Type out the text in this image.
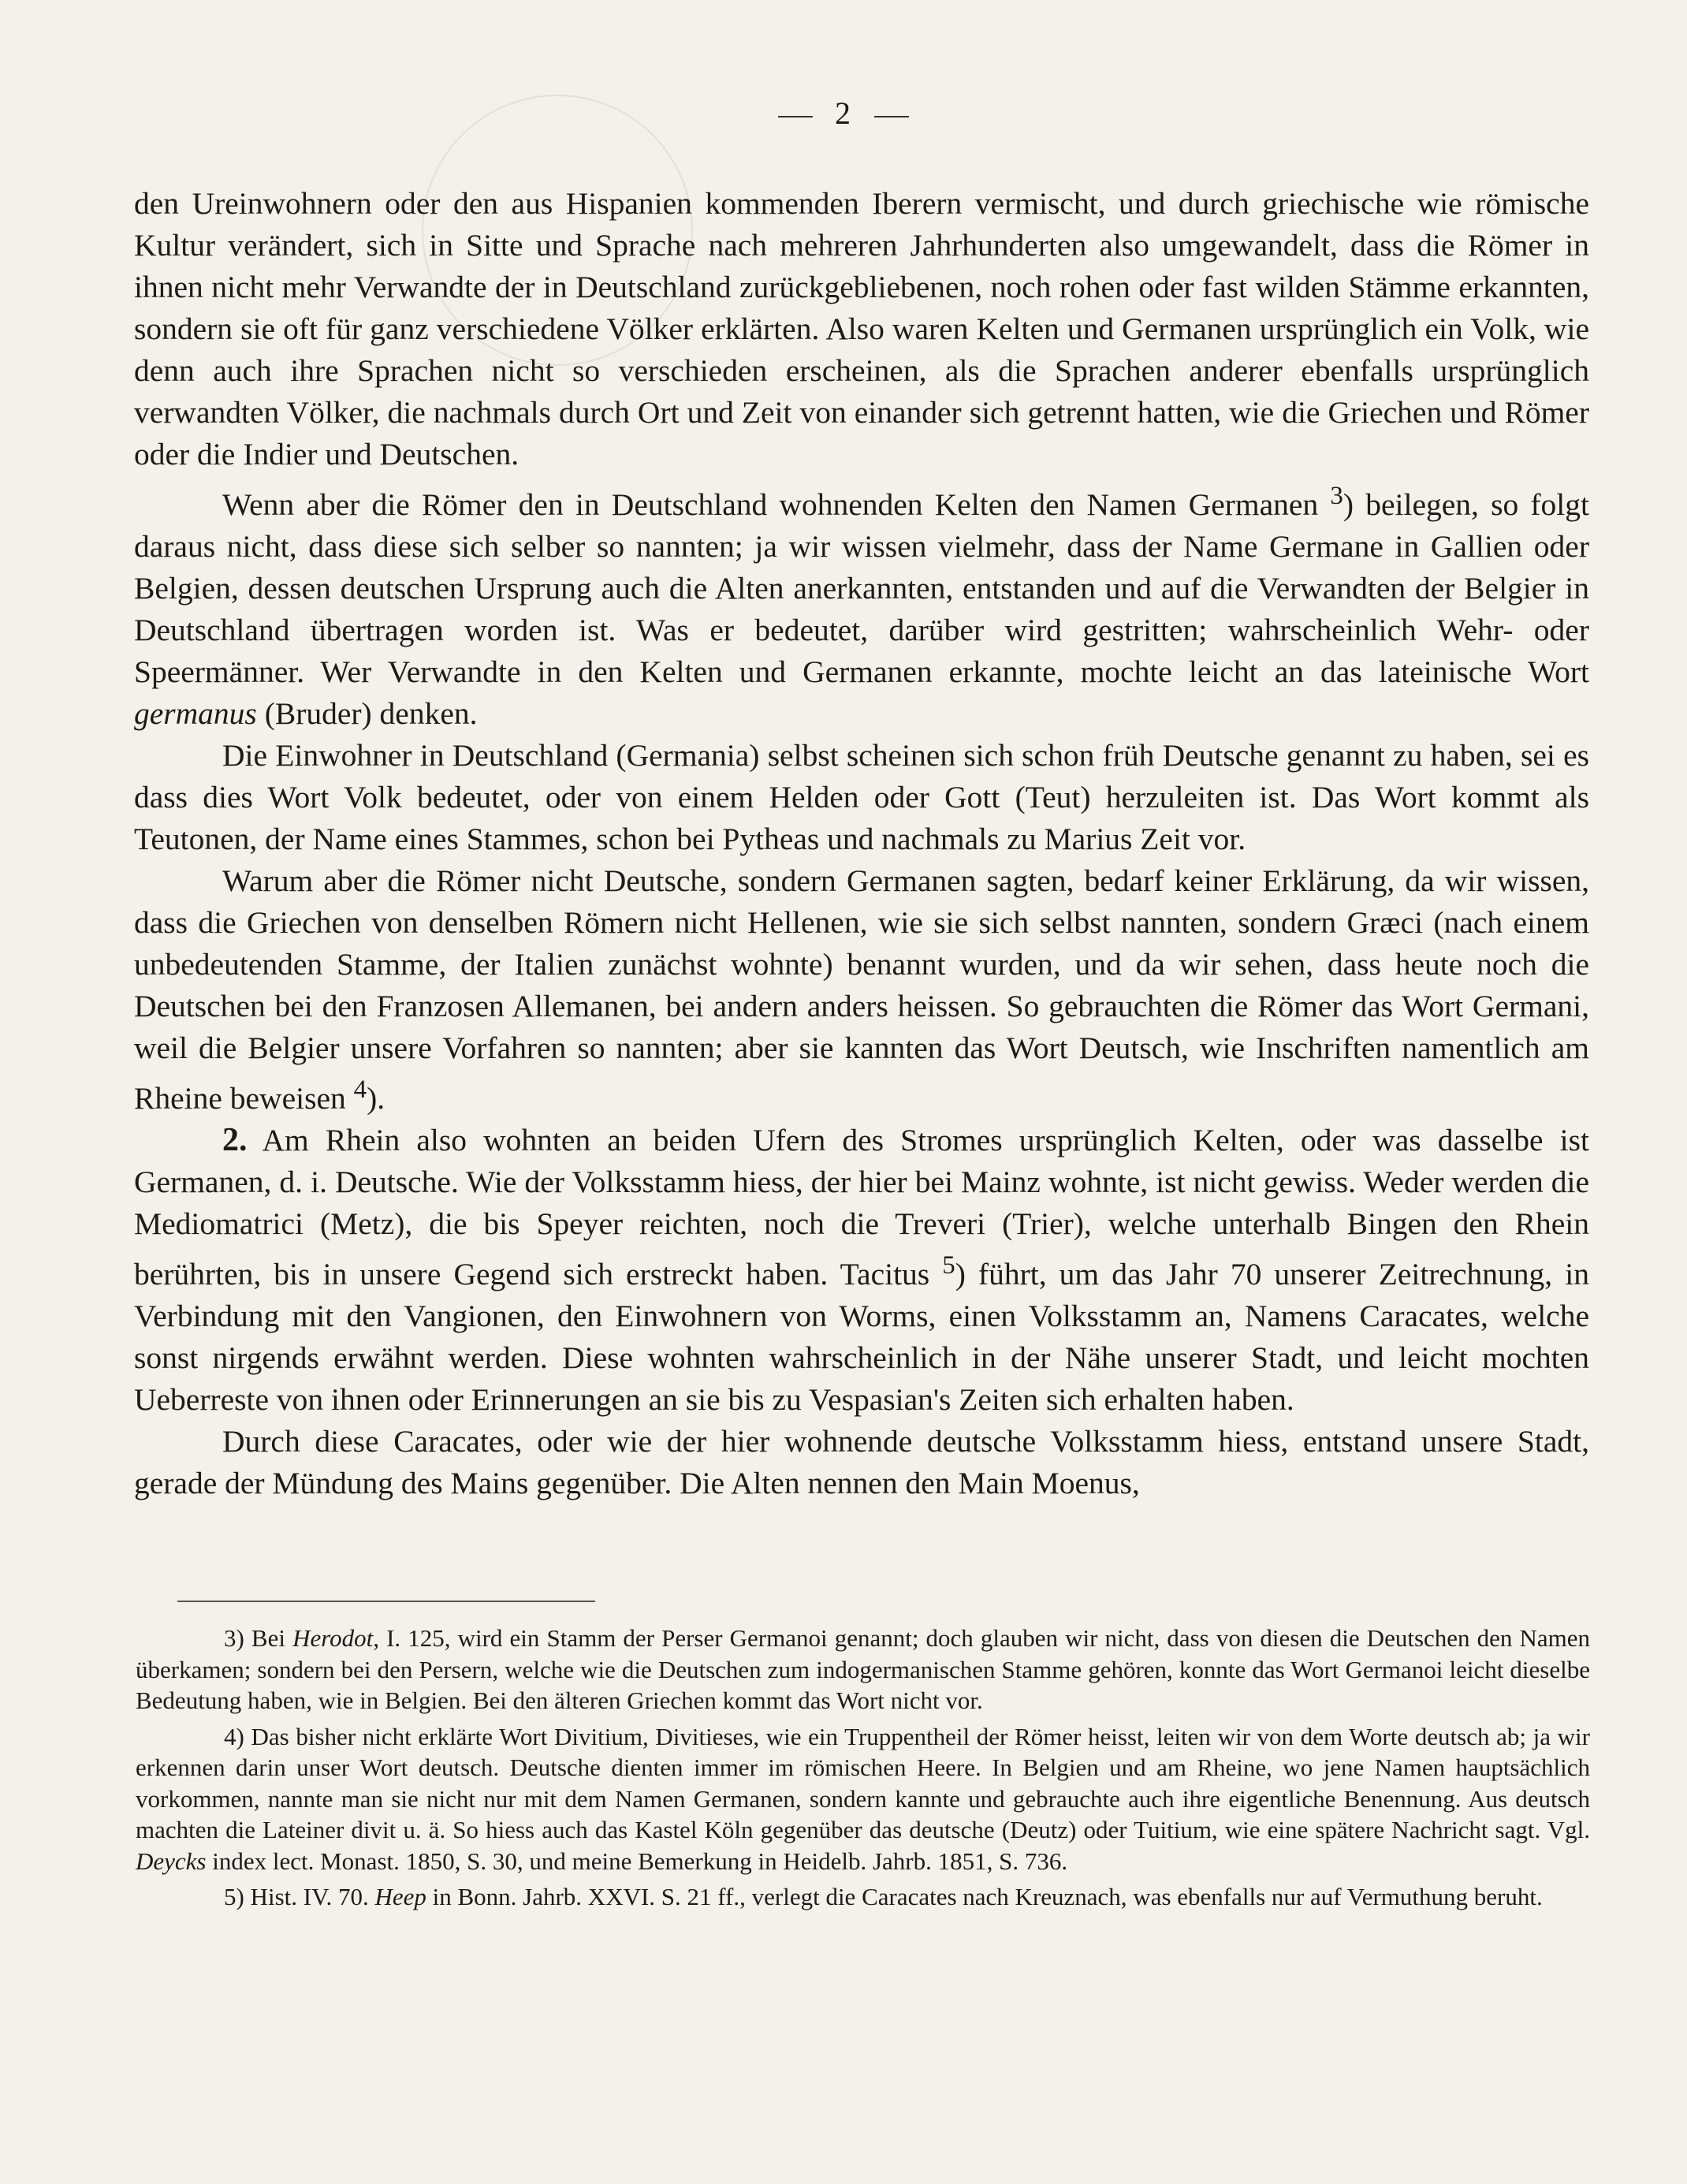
2

den Ureinwohnern oder den aus Hispanien kommenden Iberern vermischt, und durch griechische wie römische Kultur verändert, sich in Sitte und Sprache nach mehreren Jahrhunderten also umgewandelt, dass die Römer in ihnen nicht mehr Verwandte der in Deutschland zurückgebliebenen, noch rohen oder fast wilden Stämme erkannten, sondern sie oft für ganz verschiedene Völker erklärten. Also waren Kelten und Germanen ursprünglich ein Volk, wie denn auch ihre Sprachen nicht so verschieden erscheinen, als die Sprachen anderer ebenfalls ursprünglich verwandten Völker, die nachmals durch Ort und Zeit von einander sich getrennt hatten, wie die Griechen und Römer oder die Indier und Deutschen.

Wenn aber die Römer den in Deutschland wohnenden Kelten den Namen Germanen $^3$) beilegen, so folgt daraus nicht, dass diese sich selber so nannten; ja wir wissen vielmehr, dass der Name Germane in Gallien oder Belgien, dessen deutschen Ursprung auch die Alten anerkannten, entstanden und auf die Verwandten der Belgier in Deutschland übertragen worden ist. Was er bedeutet, darüber wird gestritten; wahrscheinlich Wehr- oder Speermänner. Wer Verwandte in den Kelten und Germanen erkannte, mochte leicht an das lateinische Wort germanus (Bruder) denken.

Die Einwohner in Deutschland (Germania) selbst scheinen sich schon früh Deutsche genannt zu haben, sei es dass dies Wort Volk bedeutet, oder von einem Helden oder Gott (Teut) herzuleiten ist. Das Wort kommt als Teutonen, der Name eines Stammes, schon bei Pytheas und nachmals zu Marius Zeit vor.

Warum aber die Römer nicht Deutsche, sondern Germanen sagten, bedarf keiner Erklärung, da wir wissen, dass die Griechen von denselben Römern nicht Hellenen, wie sie sich selbst nannten, sondern Græci (nach einem unbedeutenden Stamme, der Italien zunächst wohnte) benannt wurden, und da wir sehen, dass heute noch die Deutschen bei den Franzosen Allemanen, bei andern anders heissen. So gebrauchten die Römer das Wort Germani, weil die Belgier unsere Vorfahren so nannten; aber sie kannten das Wort Deutsch, wie Inschriften namentlich am Rheine beweisen $^4$).

2. Am Rhein also wohnten an beiden Ufern des Stromes ursprünglich Kelten, oder was dasselbe ist Germanen, d. i. Deutsche. Wie der Volksstamm hiess, der hier bei Mainz wohnte, ist nicht gewiss. Weder werden die Mediomatrici (Metz), die bis Speyer reichten, noch die Treveri (Trier), welche unterhalb Bingen den Rhein berührten, bis in unsere Gegend sich erstreckt haben. Tacitus $^5$) führt, um das Jahr 70 unserer Zeitrechnung, in Verbindung mit den Vangionen, den Einwohnern von Worms, einen Volksstamm an, Namens Caracates, welche sonst nirgends erwähnt werden. Diese wohnten wahrscheinlich in der Nähe unserer Stadt, und leicht mochten Ueberreste von ihnen oder Erinnerungen an sie bis zu Vespasian's Zeiten sich erhalten haben.

Durch diese Caracates, oder wie der hier wohnende deutsche Volksstamm hiess, entstand unsere Stadt, gerade der Mündung des Mains gegenüber. Die Alten nennen den Main Moenus,

3) Bei Herodot, I. 125, wird ein Stamm der Perser Germanoi genannt; doch glauben wir nicht, dass von diesen die Deutschen den Namen überkamen; sondern bei den Persern, welche wie die Deutschen zum indogermanischen Stamme gehören, konnte das Wort Germanoi leicht dieselbe Bedeutung haben, wie in Belgien. Bei den älteren Griechen kommt das Wort nicht vor.

4) Das bisher nicht erklärte Wort Divitium, Divitieses, wie ein Truppentheil der Römer heisst, leiten wir von dem Worte deutsch ab; ja wir erkennen darin unser Wort deutsch. Deutsche dienten immer im römischen Heere. In Belgien und am Rheine, wo jene Namen hauptsächlich vorkommen, nannte man sie nicht nur mit dem Namen Germanen, sondern kannte und gebrauchte auch ihre eigentliche Benennung. Aus deutsch machten die Lateiner divit u. ä. So hiess auch das Kastel Köln gegenüber das deutsche (Deutz) oder Tuitium, wie eine spätere Nachricht sagt. Vgl. Deycks index lect. Monast. 1850, S. 30, und meine Bemerkung in Heidelb. Jahrb. 1851, S. 736.

5) Hist. IV. 70. Heep in Bonn. Jahrb. XXVI. S. 21 ff., verlegt die Caracates nach Kreuznach, was ebenfalls nur auf Vermuthung beruht.
